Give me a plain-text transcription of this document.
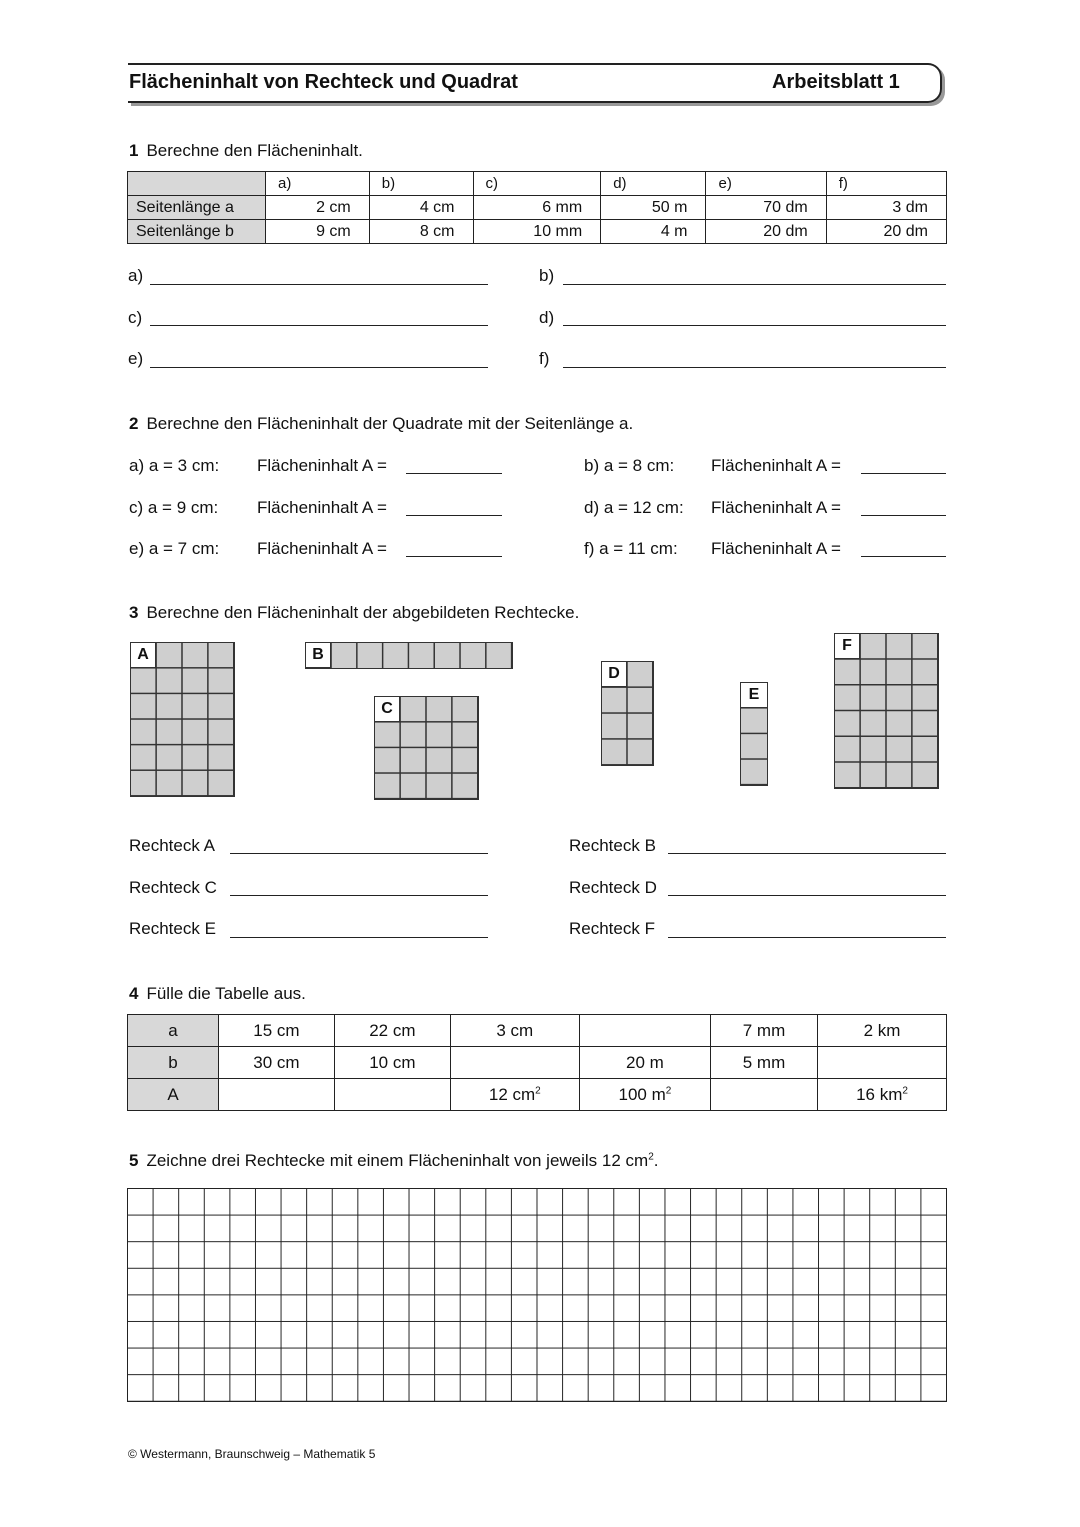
Flächeninhalt von Rechteck und Quadrat	Arbeitsblatt 1
1 Berechne den Flächeninhalt.
	a)	b)	c)	d)	e)	f)
Seitenlänge a	2 cm	4 cm	6 mm	50 m	70 dm	3 dm
Seitenlänge b	9 cm	8 cm	10 mm	4 m	20 dm	20 dm
a)	b)
c)	d)
e)	f)
2 Berechne den Flächeninhalt der Quadrate mit der Seitenlänge a.
a) a = 3 cm: Flächeninhalt A =	b) a = 8 cm: Flächeninhalt A =
c) a = 9 cm: Flächeninhalt A =	d) a = 12 cm: Flächeninhalt A =
e) a = 7 cm: Flächeninhalt A =	f) a = 11 cm: Flächeninhalt A =
3 Berechne den Flächeninhalt der abgebildeten Rechtecke.
A	B
C
D
E
F
Rechteck A	Rechteck B
Rechteck C	Rechteck D
Rechteck E	Rechteck F
4 Fülle die Tabelle aus.
a	15 cm	22 cm	3 cm		7 mm	2 km
b	30 cm	10 cm		20 m	5 mm	
A			12 $cm^2$	100 $m^2$		16 $km^2$
5 Zeichne drei Rechtecke mit einem Flächeninhalt von jeweils 12 $cm^2$.
© Westermann, Braunschweig – Mathematik 5
